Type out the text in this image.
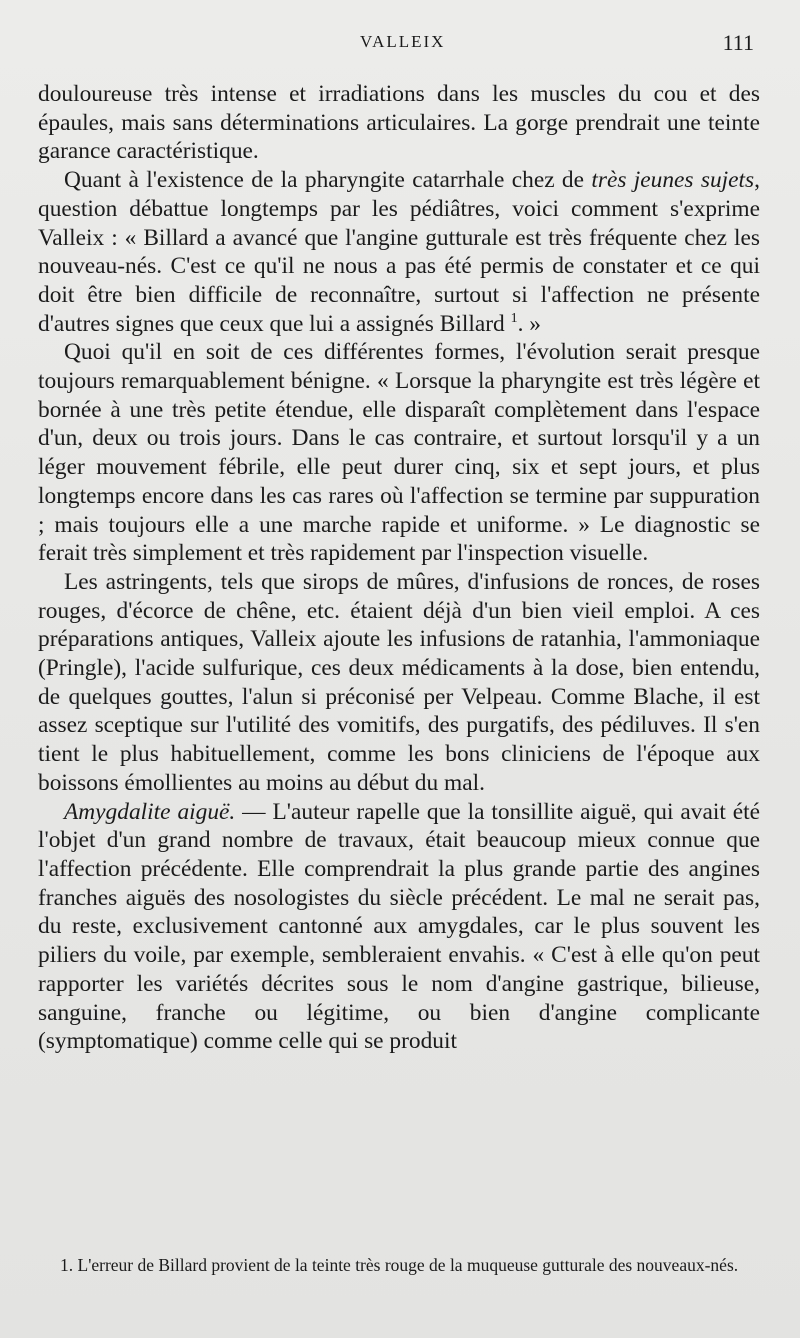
VALLEIX	111

douloureuse très intense et irradiations dans les muscles du cou et des épaules, mais sans déterminations articulaires. La gorge prendrait une teinte garance caractéristique.

Quant à l'existence de la pharyngite catarrhale chez de très jeunes sujets, question débattue longtemps par les pédiâtres, voici comment s'exprime Valleix : « Billard a avancé que l'angine gutturale est très fréquente chez les nouveau-nés. C'est ce qu'il ne nous a pas été permis de constater et ce qui doit être bien difficile de reconnaître, surtout si l'affection ne présente d'autres signes que ceux que lui a assignés Billard $^1$. »

Quoi qu'il en soit de ces différentes formes, l'évolution serait presque toujours remarquablement bénigne. « Lorsque la pharyngite est très légère et bornée à une très petite étendue, elle disparaît complètement dans l'espace d'un, deux ou trois jours. Dans le cas contraire, et surtout lorsqu'il y a un léger mouvement fébrile, elle peut durer cinq, six et sept jours, et plus longtemps encore dans les cas rares où l'affection se termine par suppuration ; mais toujours elle a une marche rapide et uniforme. » Le diagnostic se ferait très simplement et très rapidement par l'inspection visuelle.

Les astringents, tels que sirops de mûres, d'infusions de ronces, de roses rouges, d'écorce de chêne, etc. étaient déjà d'un bien vieil emploi. A ces préparations antiques, Valleix ajoute les infusions de ratanhia, l'ammoniaque (Pringle), l'acide sulfurique, ces deux médicaments à la dose, bien entendu, de quelques gouttes, l'alun si préconisé per Velpeau. Comme Blache, il est assez sceptique sur l'utilité des vomitifs, des purgatifs, des pédiluves. Il s'en tient le plus habituellement, comme les bons cliniciens de l'époque aux boissons émollientes au moins au début du mal.

Amygdalite aiguë. — L'auteur rapelle que la tonsillite aiguë, qui avait été l'objet d'un grand nombre de travaux, était beaucoup mieux connue que l'affection précédente. Elle comprendrait la plus grande partie des angines franches aiguës des nosologistes du siècle précédent. Le mal ne serait pas, du reste, exclusivement cantonné aux amygdales, car le plus souvent les piliers du voile, par exemple, sembleraient envahis. « C'est à elle qu'on peut rapporter les variétés décrites sous le nom d'angine gastrique, bilieuse, sanguine, franche ou légitime, ou bien d'angine complicante (symptomatique) comme celle qui se produit

1. L'erreur de Billard provient de la teinte très rouge de la muqueuse gutturale des nouveaux-nés.
